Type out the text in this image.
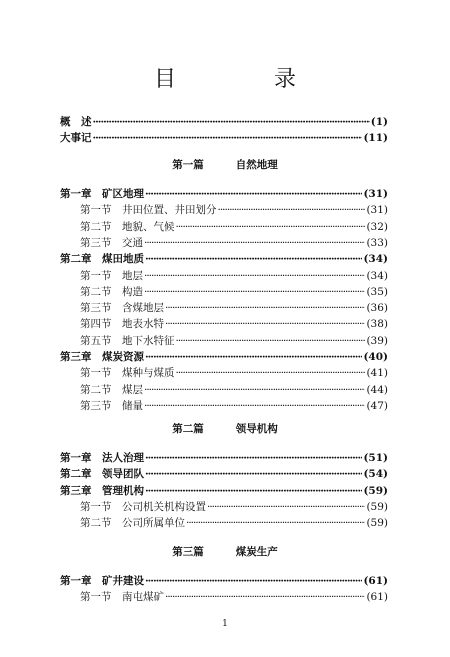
目　录
概　述 ·····	(1)
大事记 ·····	(11)
第一篇	自然地理
第一章　 矿区地理 ·····	(31)
第一节　 井田位置、井田划分 ·····	(31)
第二节　 地貌、气候 ·····	(32)
第三节　 交通 ·····	(33)
第二章　 煤田地质 ·····	(34)
第一节　 地层 ·····	(34)
第二节　 构造 ·····	(35)
第三节　 含煤地层 ·····	(36)
第四节　 地表水特 ·····	(38)
第五节　 地下水特征 ·····	(39)
第三章　 煤炭资源 ·····	(40)
第一节　 煤种与煤质 ·····	(41)
第二节　 煤层 ·····	(44)
第三节　 储量 ·····	(47)
第二篇	领导机构
第一章　 法人治理 ·····	(51)
第二章　 领导团队 ·····	(54)
第三章　 管理机构 ·····	(59)
第一节　 公司机关机构设置 ·····	(59)
第二节　 公司所属单位 ·····	(59)
第三篇	煤炭生产
第一章　 矿井建设 ·····	(61)
第一节　 南屯煤矿 ·····	(61)
1
